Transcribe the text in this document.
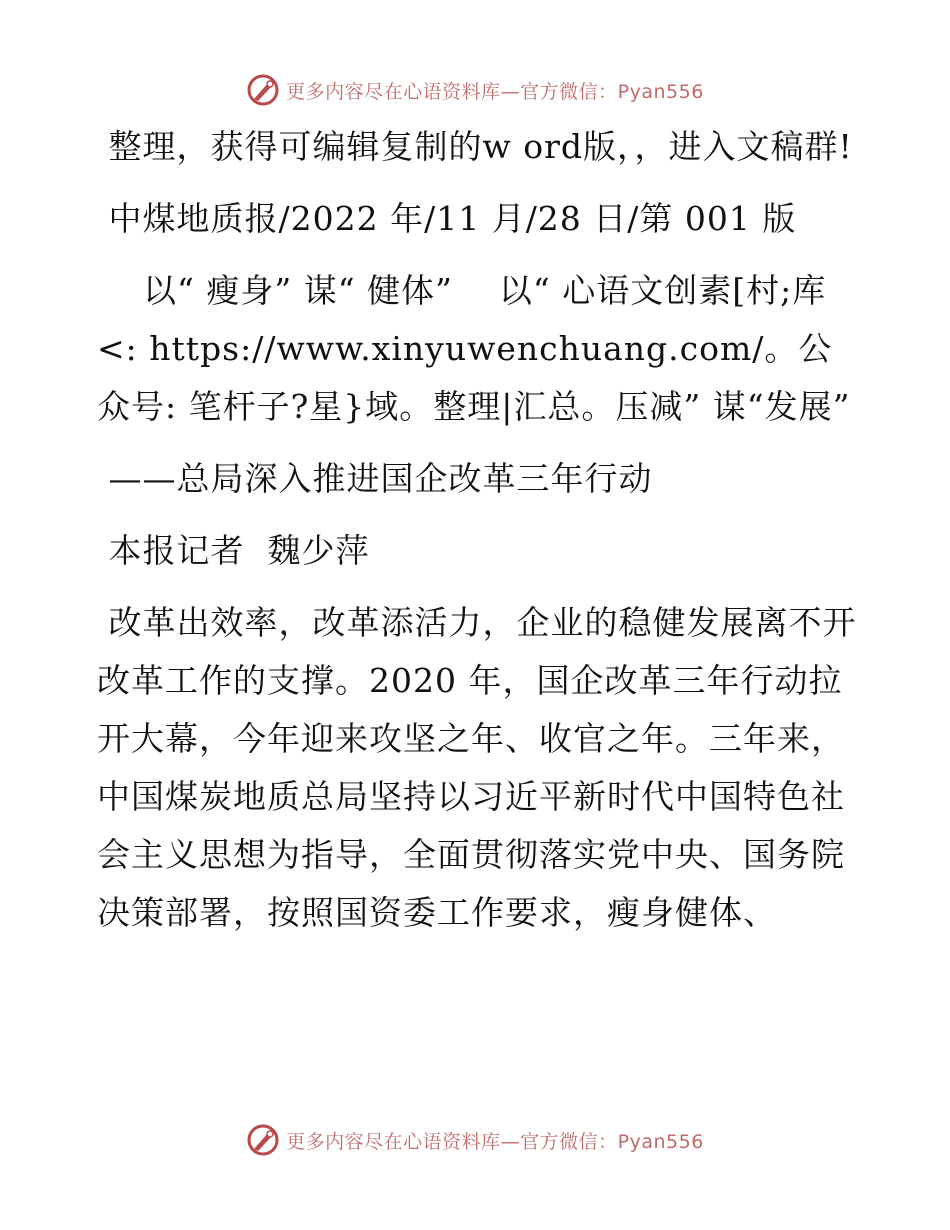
更多内容尽在心语资料库—官方微信：Pyan556

整理，获得可编辑复制的w ord版，，进入文稿群!

中煤地质报/2022 年/11 月/28 日/第 001 版

以“ 瘦身” 谋“ 健体”    以“ 心语文创素[村;库<: https://www.xinyuwenchuang.com/。公众号: 笔杆子?星}域。整理|汇总。压减” 谋“发展”

——总局深入推进国企改革三年行动

本报记者  魏少萍

改革出效率，改革添活力，企业的稳健发展离不开改革工作的支撑。2020 年，国企改革三年行动拉开大幕，今年迎来攻坚之年、收官之年。三年来，中国煤炭地质总局坚持以习近平新时代中国特色社会主义思想为指导，全面贯彻落实党中央、国务院决策部署，按照国资委工作要求，瘦身健体、

更多内容尽在心语资料库—官方微信：Pyan556
